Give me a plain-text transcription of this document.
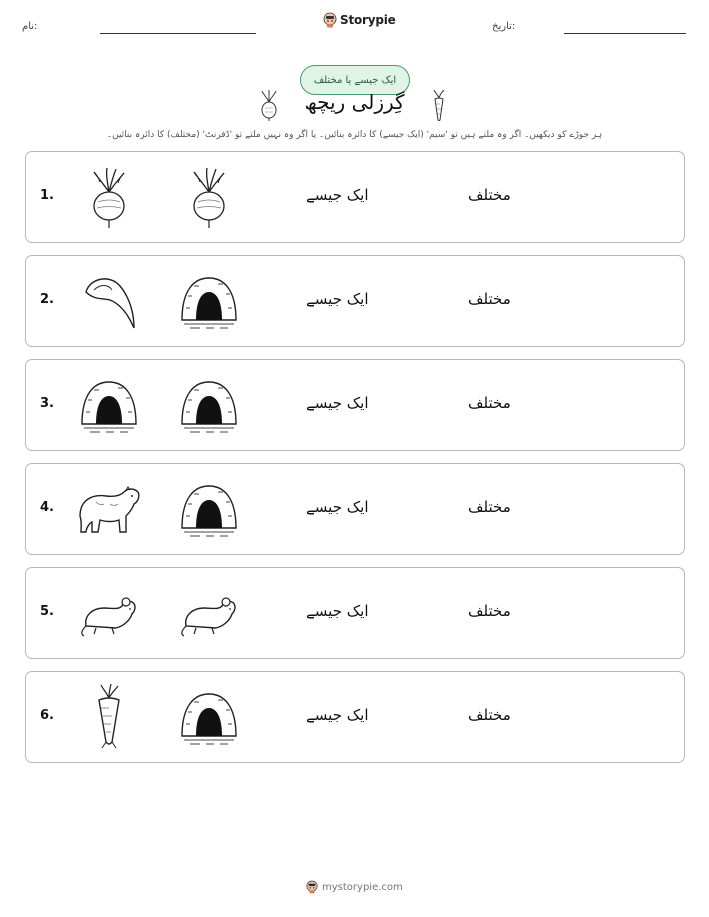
نام:	Storypie	تاریخ:
ایک جیسے یا مختلف
گِرزلی ریچھ
ہر جوڑے کو دیکھیں۔ اگر وہ ملتے ہیں تو 'سیم' (ایک جیسے) کا دائرہ بنائیں۔ یا اگر وہ نہیں ملتے تو 'ڈفرنٹ' (مختلف) کا دائرہ بنائیں۔
1.	ایک جیسے	مختلف
2.	ایک جیسے	مختلف
3.	ایک جیسے	مختلف
4.	ایک جیسے	مختلف
5.	ایک جیسے	مختلف
6.	ایک جیسے	مختلف
mystorypie.com
